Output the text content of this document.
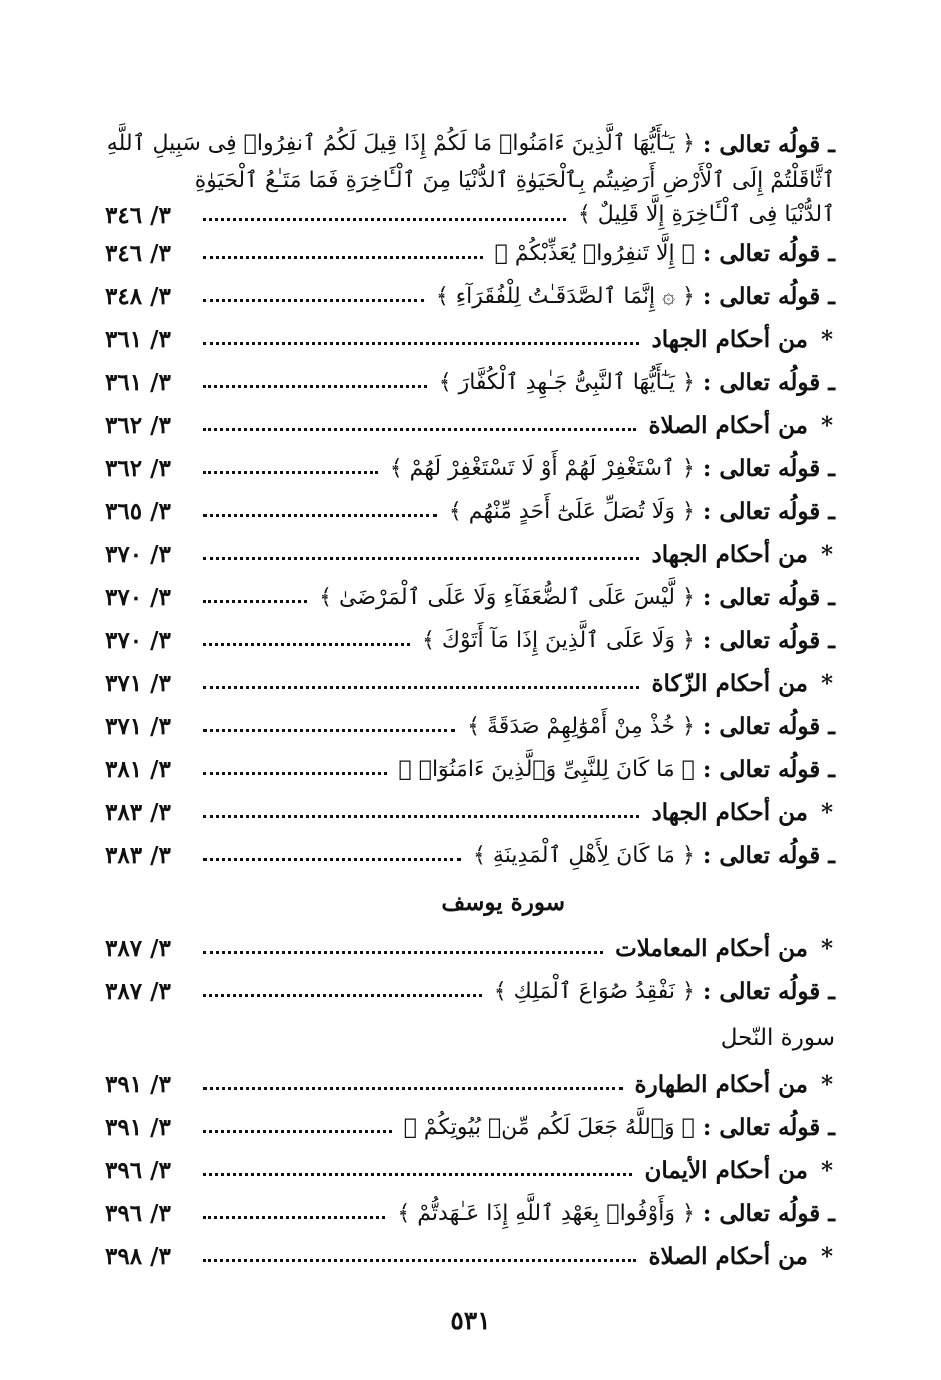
ـ قولُه تعالى :
﴿ يَـٰٓأَيُّهَا ٱلَّذِينَ ءَامَنُوا۟ مَا لَكُمْ إِذَا قِيلَ لَكُمُ ٱنفِرُوا۟ فِى سَبِيلِ ٱللَّهِ
ٱثَّاقَلْتُمْ إِلَى ٱلْأَرْضِ أَرَضِيتُم بِٱلْحَيَوٰةِ ٱلدُّنْيَا مِنَ ٱلْـَٔاخِرَةِ فَمَا مَتَـٰعُ ٱلْحَيَوٰةِ
ٱلدُّنْيَا فِى ٱلْـَٔاخِرَةِ إِلَّا قَلِيلٌ ﴾
٣/ ٣٤٦
ـ قولُه تعالى :
﴿ إِلَّا تَنفِرُوا۟ يُعَذِّبْكُمْ ﴾
٣/ ٣٤٦
ـ قولُه تعالى :
﴿ ۞ إِنَّمَا ٱلصَّدَقَـٰتُ لِلْفُقَرَآءِ ﴾
٣/ ٣٤٨
*
من أحكام الجهاد
٣/ ٣٦١
ـ قولُه تعالى :
﴿ يَـٰٓأَيُّهَا ٱلنَّبِىُّ جَـٰهِدِ ٱلْكُفَّارَ ﴾
٣/ ٣٦١
*
من أحكام الصلاة
٣/ ٣٦٢
ـ قولُه تعالى :
﴿ ٱسْتَغْفِرْ لَهُمْ أَوْ لَا تَسْتَغْفِرْ لَهُمْ ﴾
٣/ ٣٦٢
ـ قولُه تعالى :
﴿ وَلَا تُصَلِّ عَلَىٰٓ أَحَدٍ مِّنْهُم ﴾
٣/ ٣٦٥
*
من أحكام الجهاد
٣/ ٣٧٠
ـ قولُه تعالى :
﴿ لَّيْسَ عَلَى ٱلضُّعَفَآءِ وَلَا عَلَى ٱلْمَرْضَىٰ ﴾
٣/ ٣٧٠
ـ قولُه تعالى :
﴿ وَلَا عَلَى ٱلَّذِينَ إِذَا مَآ أَتَوْكَ ﴾
٣/ ٣٧٠
*
من أحكام الزّكاة
٣/ ٣٧١
ـ قولُه تعالى :
﴿ خُذْ مِنْ أَمْوَٰلِهِمْ صَدَقَةً ﴾
٣/ ٣٧١
ـ قولُه تعالى :
﴿ مَا كَانَ لِلنَّبِىِّ وَٱلَّذِينَ ءَامَنُوٓا۟ ﴾
٣/ ٣٨١
*
من أحكام الجهاد
٣/ ٣٨٣
ـ قولُه تعالى :
﴿ مَا كَانَ لِأَهْلِ ٱلْمَدِينَةِ ﴾
٣/ ٣٨٣
سورة يوسف
*
من أحكام المعاملات
٣/ ٣٨٧
ـ قولُه تعالى :
﴿ نَفْقِدُ صُوَاعَ ٱلْمَلِكِ ﴾
٣/ ٣٨٧
سورة النّحل
*
من أحكام الطهارة
٣/ ٣٩١
ـ قولُه تعالى :
﴿ وَٱللَّهُ جَعَلَ لَكُم مِّنۢ بُيُوتِكُمْ ﴾
٣/ ٣٩١
*
من أحكام الأيمان
٣/ ٣٩٦
ـ قولُه تعالى :
﴿ وَأَوْفُوا۟ بِعَهْدِ ٱللَّهِ إِذَا عَـٰهَدتُّمْ ﴾
٣/ ٣٩٦
*
من أحكام الصلاة
٣/ ٣٩٨
٥٣١
